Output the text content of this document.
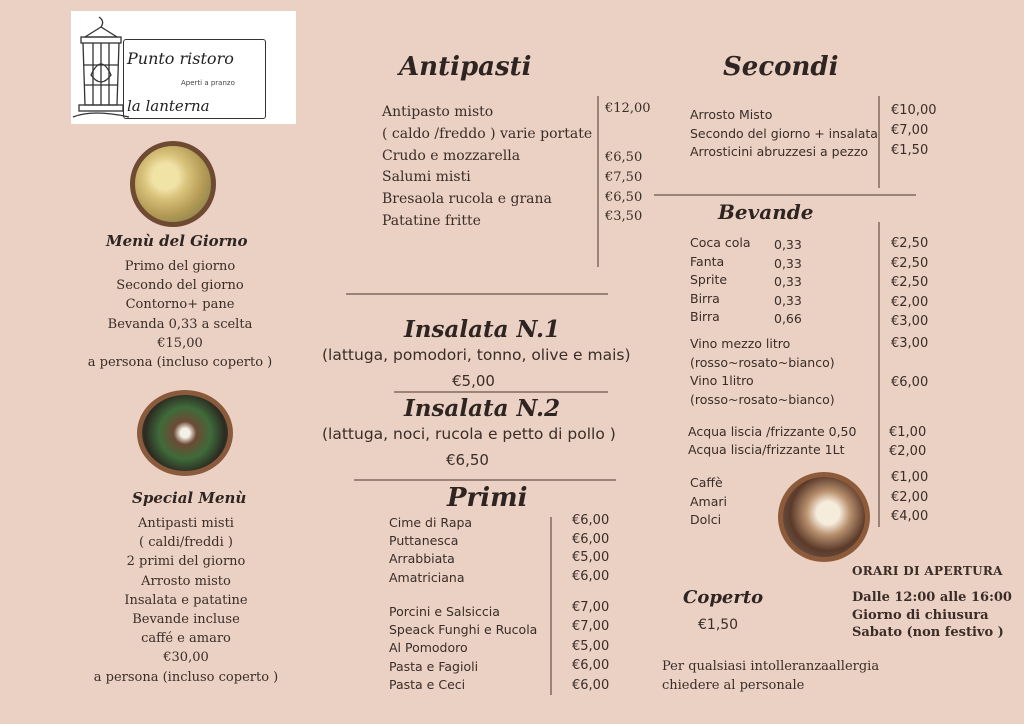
Punto ristoro
Aperti a pranzo
la lanterna
Menù del Giorno
Primo del giorno
Secondo del giorno
Contorno+ pane
Bevanda 0,33 a scelta
€15,00
a persona (incluso coperto )
Special Menù
Antipasti misti
( caldi/freddi )
2 primi del giorno
Arrosto misto
Insalata e patatine
Bevande incluse
caffé e amaro
€30,00
a persona (incluso coperto )
Antipasti
Antipasto misto
( caldo /freddo ) varie portate
Crudo e mozzarella
Salumi misti
Bresaola rucola e grana
Patatine fritte
€12,00
€6,50
€7,50
€6,50
€3,50
Insalata N.1
(lattuga, pomodori, tonno, olive e mais)
€5,00
Insalata N.2
(lattuga, noci, rucola e petto di pollo )
€6,50
Primi
Cime di Rapa
Puttanesca
Arrabbiata
Amatriciana
€6,00
€6,00
€5,00
€6,00
Porcini e Salsiccia
Speack Funghi e Rucola
Al Pomodoro
Pasta e Fagioli
Pasta e Ceci
€7,00
€7,00
€5,00
€6,00
€6,00
Secondi
Arrosto Misto
Secondo del giorno + insalata
Arrosticini abruzzesi a pezzo
€10,00
€7,00
€1,50
Bevande
Coca cola
Fanta
Sprite
Birra
Birra
0,33
0,33
0,33
0,33
0,66
€2,50
€2,50
€2,50
€2,00
€3,00
Vino mezzo litro
(rosso~rosato~bianco)
€3,00
Vino 1litro
(rosso~rosato~bianco)
€6,00
Acqua liscia /frizzante 0,50	€1,00
Acqua liscia/frizzante 1Lt	€2,00
Caffè
Amari
Dolci
€1,00
€2,00
€4,00
Coperto
€1,50
Per qualsiasi intolleranzaallergia
chiedere al personale
ORARI DI APERTURA
Dalle 12:00 alle 16:00
Giorno di chiusura
Sabato (non festivo )
